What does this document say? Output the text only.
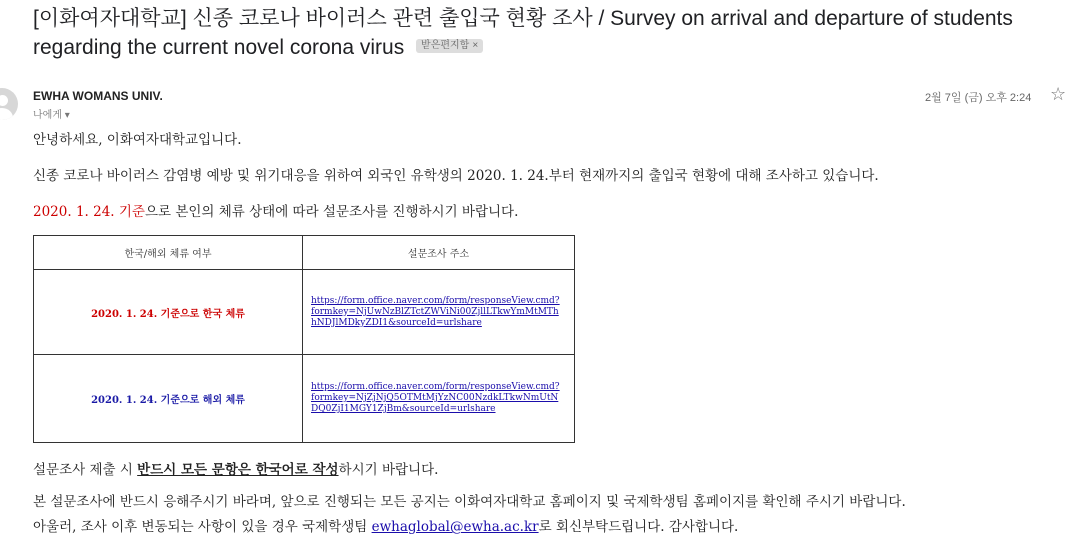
[이화여자대학교] 신종 코로나 바이러스 관련 출입국 현황 조사 / Survey on arrival and departure of students regarding the current novel corona virus 받은편지함 ×
EWHA WOMANS UNIV.
나에게 ▾
2월 7일 (금) 오후 2:24 ☆
안녕하세요, 이화여자대학교입니다.
신종 코로나 바이러스 감염병 예방 및 위기대응을 위하여 외국인 유학생의 2020. 1. 24.부터 현재까지의 출입국 현황에 대해 조사하고 있습니다.
2020. 1. 24. 기준으로 본인의 체류 상태에 따라 설문조사를 진행하시기 바랍니다.
한국/해외 체류 여부	설문조사 주소
2020. 1. 24. 기준으로 한국 체류	https://form.office.naver.com/form/responseView.cmd?formkey=NjUwNzBlZTctZWViNi00ZjllLTkwYmMtMThhNDJlMDkyZDI1&sourceId=urlshare

2020. 1. 24. 기준으로 해외 체류	https://form.office.naver.com/form/responseView.cmd?formkey=NjZjNjQ5OTMtMjYzNC00NzdkLTkwNmUtNDQ0ZjI1MGY1ZjBm&sourceId=urlshare
설문조사 제출 시 반드시 모든 문항은 한국어로 작성하시기 바랍니다.
본 설문조사에 반드시 응해주시기 바라며, 앞으로 진행되는 모든 공지는 이화여자대학교 홈페이지 및 국제학생팀 홈페이지를 확인해 주시기 바랍니다.
아울러, 조사 이후 변동되는 사항이 있을 경우 국제학생팀 ewhaglobal@ewha.ac.kr로 회신부탁드립니다. 감사합니다.
